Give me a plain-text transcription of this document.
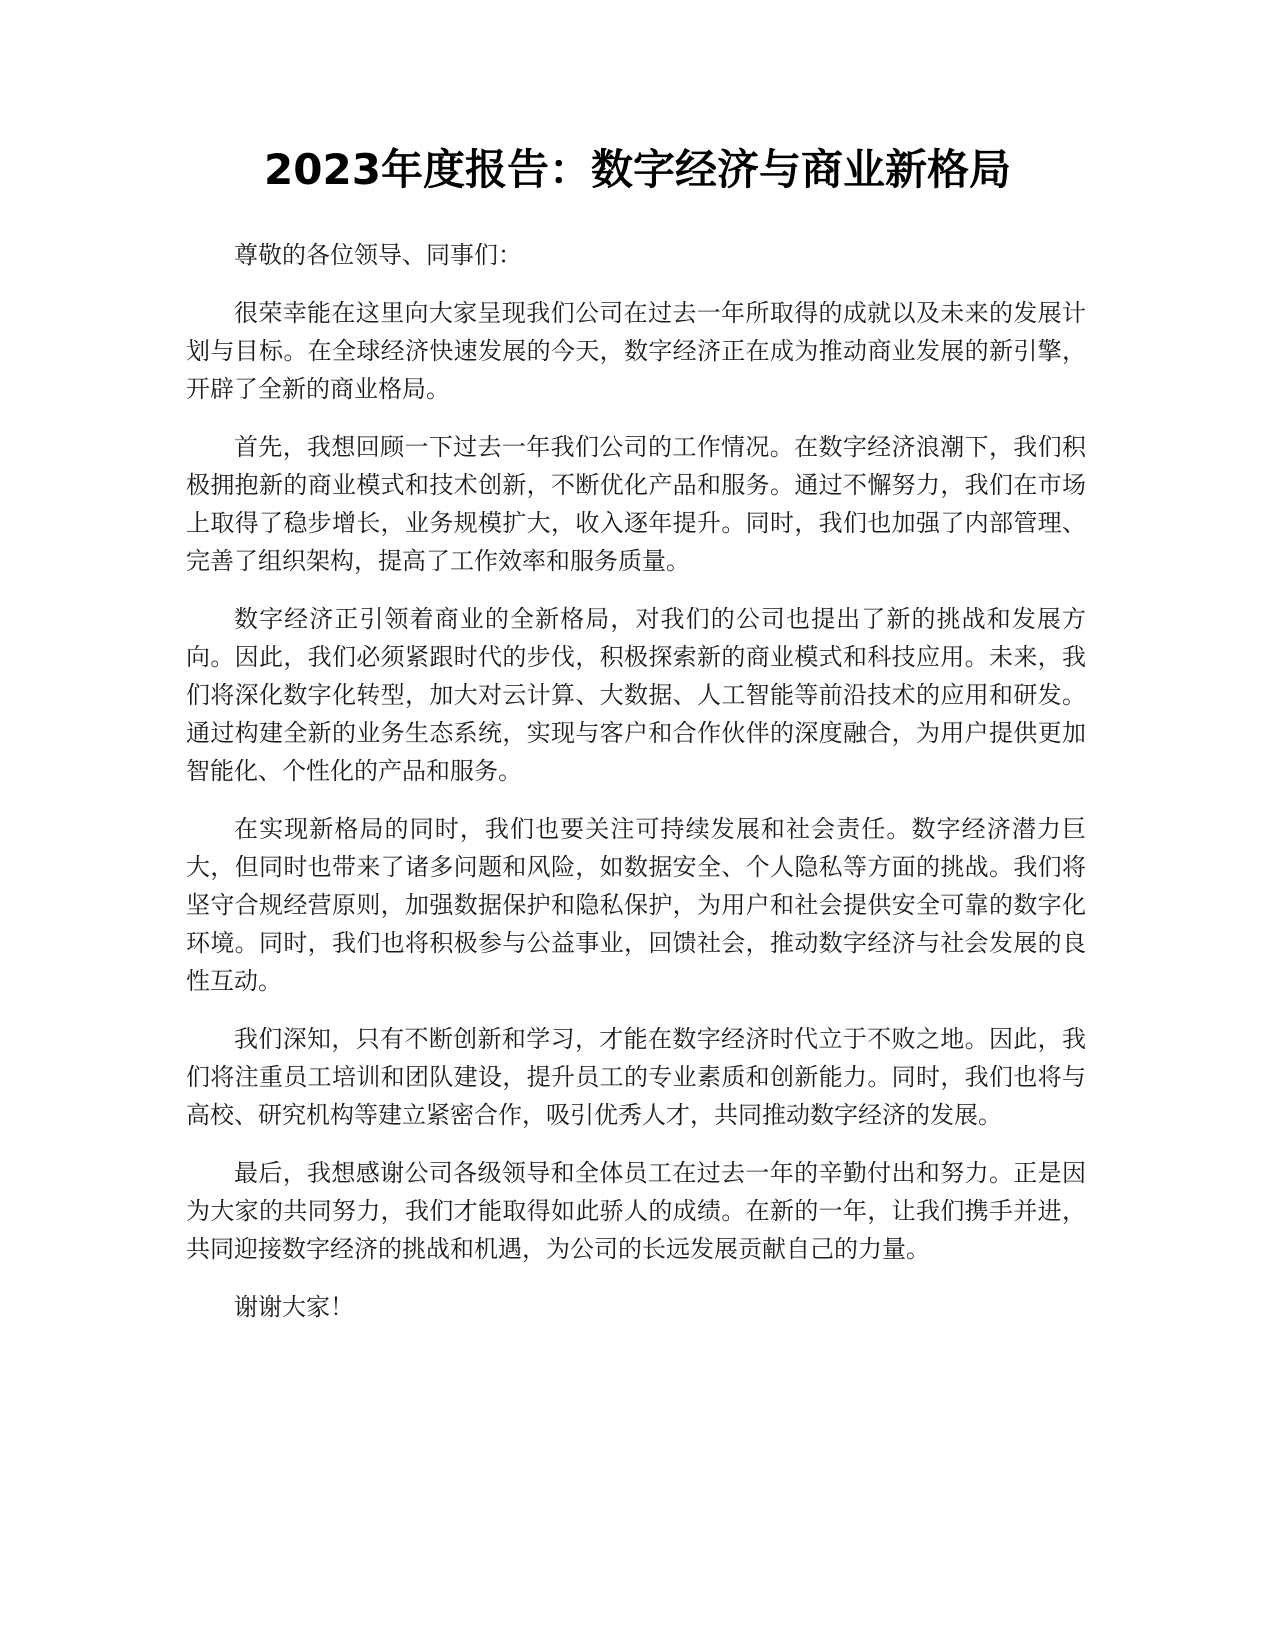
2023年度报告：数字经济与商业新格局

尊敬的各位领导、同事们：

很荣幸能在这里向大家呈现我们公司在过去一年所取得的成就以及未来的发展计划与目标。在全球经济快速发展的今天，数字经济正在成为推动商业发展的新引擎，开辟了全新的商业格局。

首先，我想回顾一下过去一年我们公司的工作情况。在数字经济浪潮下，我们积极拥抱新的商业模式和技术创新，不断优化产品和服务。通过不懈努力，我们在市场上取得了稳步增长，业务规模扩大，收入逐年提升。同时，我们也加强了内部管理、完善了组织架构，提高了工作效率和服务质量。

数字经济正引领着商业的全新格局，对我们的公司也提出了新的挑战和发展方向。因此，我们必须紧跟时代的步伐，积极探索新的商业模式和科技应用。未来，我们将深化数字化转型，加大对云计算、大数据、人工智能等前沿技术的应用和研发。通过构建全新的业务生态系统，实现与客户和合作伙伴的深度融合，为用户提供更加智能化、个性化的产品和服务。

在实现新格局的同时，我们也要关注可持续发展和社会责任。数字经济潜力巨大，但同时也带来了诸多问题和风险，如数据安全、个人隐私等方面的挑战。我们将坚守合规经营原则，加强数据保护和隐私保护，为用户和社会提供安全可靠的数字化环境。同时，我们也将积极参与公益事业，回馈社会，推动数字经济与社会发展的良性互动。

我们深知，只有不断创新和学习，才能在数字经济时代立于不败之地。因此，我们将注重员工培训和团队建设，提升员工的专业素质和创新能力。同时，我们也将与高校、研究机构等建立紧密合作，吸引优秀人才，共同推动数字经济的发展。

最后，我想感谢公司各级领导和全体员工在过去一年的辛勤付出和努力。正是因为大家的共同努力，我们才能取得如此骄人的成绩。在新的一年，让我们携手并进，共同迎接数字经济的挑战和机遇，为公司的长远发展贡献自己的力量。

谢谢大家！
